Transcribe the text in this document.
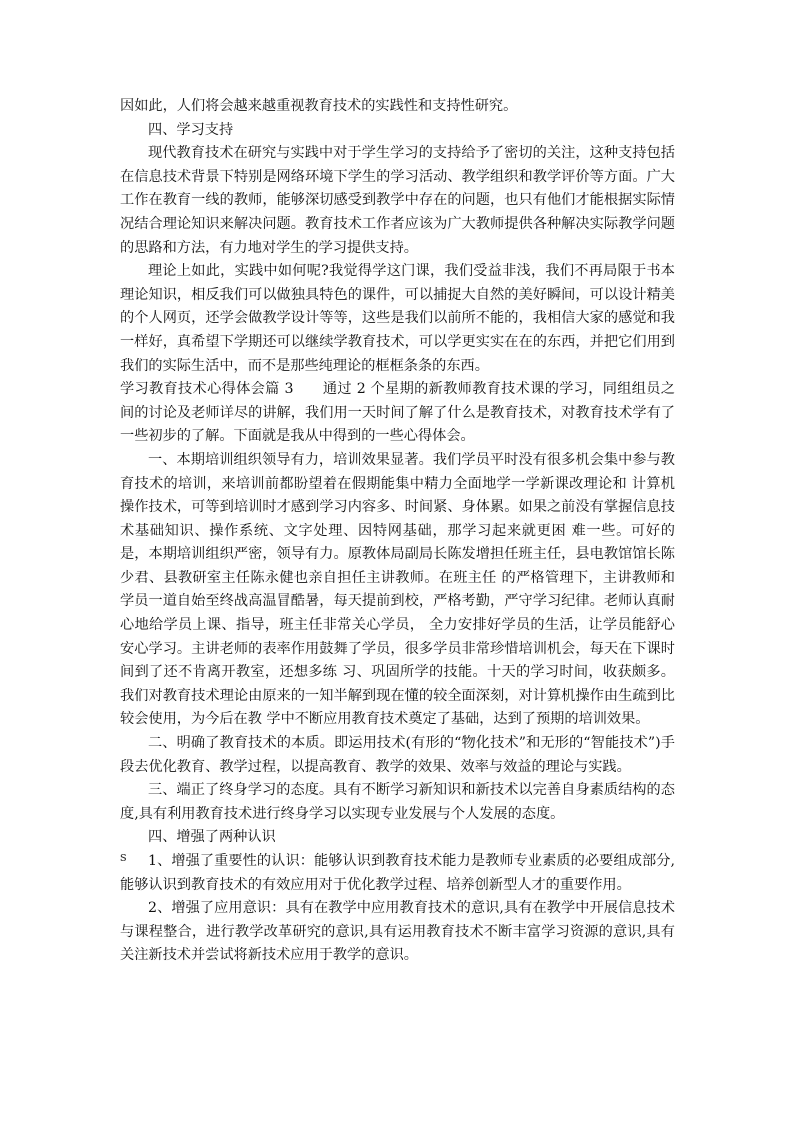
因如此，人们将会越来越重视教育技术的实践性和支持性研究。

四、学习支持

现代教育技术在研究与实践中对于学生学习的支持给予了密切的关注，这种支持包括在信息技术背景下特别是网络环境下学生的学习活动、教学组织和教学评价等方面。广大工作在教育一线的教师，能够深切感受到教学中存在的问题，也只有他们才能根据实际情况结合理论知识来解决问题。教育技术工作者应该为广大教师提供各种解决实际教学问题的思路和方法，有力地对学生的学习提供支持。

理论上如此，实践中如何呢?我觉得学这门课，我们受益非浅，我们不再局限于书本理论知识，相反我们可以做独具特色的课件，可以捕捉大自然的美好瞬间，可以设计精美的个人网页，还学会做教学设计等等，这些是我们以前所不能的，我相信大家的感觉和我一样好，真希望下学期还可以继续学教育技术，可以学更实实在在的东西，并把它们用到我们的实际生活中，而不是那些纯理论的框框条条的东西。

学习教育技术心得体会篇 3　　通过 2 个星期的新教师教育技术课的学习，同组组员之间的讨论及老师详尽的讲解，我们用一天时间了解了什么是教育技术，对教育技术学有了一些初步的了解。下面就是我从中得到的一些心得体会。

一、本期培训组织领导有力，培训效果显著。我们学员平时没有很多机会集中参与教育技术的培训，来培训前都盼望着在假期能集中精力全面地学一学新课改理论和 计算机操作技术，可等到培训时才感到学习内容多、时间紧、身体累。如果之前没有掌握信息技术基础知识、操作系统、文字处理、因特网基础，那学习起来就更困 难一些。可好的是，本期培训组织严密，领导有力。原教体局副局长陈发增担任班主任，县电教馆馆长陈少君、县教研室主任陈永健也亲自担任主讲教师。在班主任 的严格管理下，主讲教师和学员一道自始至终战高温冒酷暑，每天提前到校，严格考勤，严守学习纪律。老师认真耐心地给学员上课、指导，班主任非常关心学员， 全力安排好学员的生活，让学员能舒心安心学习。主讲老师的表率作用鼓舞了学员，很多学员非常珍惜培训机会，每天在下课时间到了还不肯离开教室，还想多练 习、巩固所学的技能。十天的学习时间，收获颇多。我们对教育技术理论由原来的一知半解到现在懂的较全面深刻，对计算机操作由生疏到比较会使用，为今后在教 学中不断应用教育技术奠定了基础，达到了预期的培训效果。

二、明确了教育技术的本质。即运用技术(有形的“物化技术”和无形的“智能技术”)手段去优化教育、教学过程，以提高教育、教学的效果、效率与效益的理论与实践。

三、端正了终身学习的态度。具有不断学习新知识和新技术以完善自身素质结构的态度,具有利用教育技术进行终身学习以实现专业发展与个人发展的态度。

四、增强了两种认识

1、增强了重要性的认识：能够认识到教育技术能力是教师专业素质的必要组成部分,能够认识到教育技术的有效应用对于优化教学过程、培养创新型人才的重要作用。

2、增强了应用意识：具有在教学中应用教育技术的意识,具有在教学中开展信息技术与课程整合，进行教学改革研究的意识,具有运用教育技术不断丰富学习资源的意识,具有关注新技术并尝试将新技术应用于教学的意识。

s
